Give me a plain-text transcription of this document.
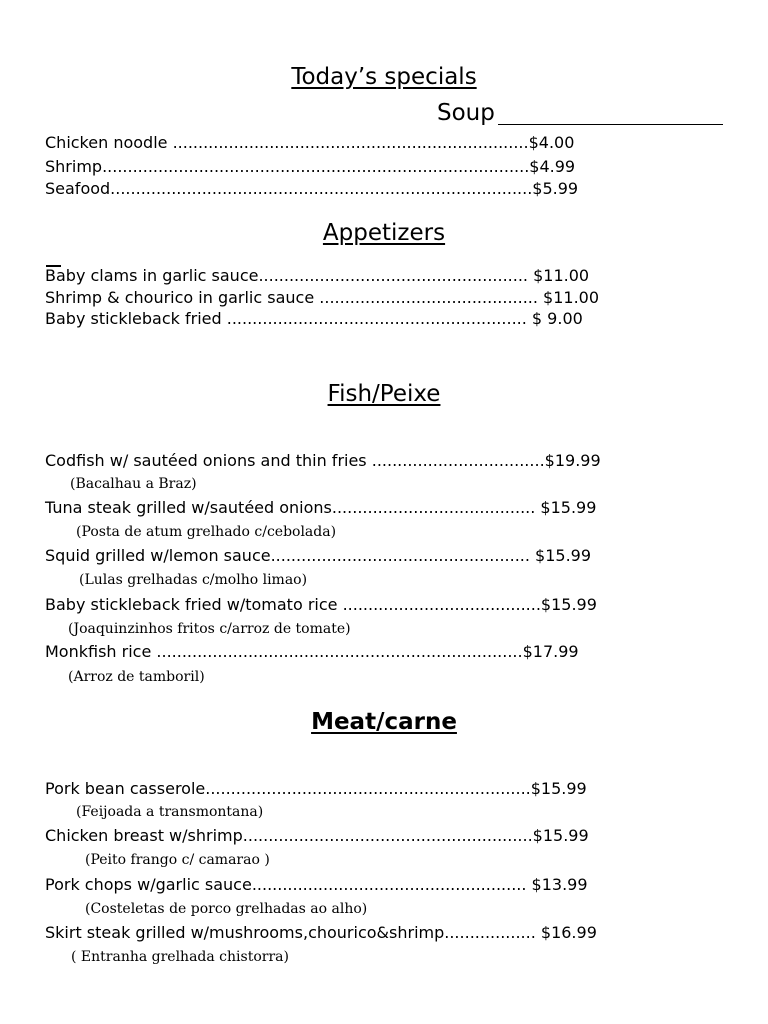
Today’s specials
Soup
Chicken noodle ......................................................................$4.00
Shrimp....................................................................................$4.99
Seafood...................................................................................$5.99
Appetizers
Baby clams in garlic sauce..................................................... $11.00
Shrimp & chourico in garlic sauce ........................................... $11.00
Baby stickleback fried ........................................................... $ 9.00
Fish/Peixe
Codfish w/ sautéed onions and thin fries ..................................$19.99
(Bacalhau a Braz)
Tuna steak grilled w/sautéed onions........................................ $15.99
(Posta de atum grelhado c/cebolada)
Squid grilled w/lemon sauce................................................... $15.99
(Lulas grelhadas c/molho limao)
Baby stickleback fried w/tomato rice .......................................$15.99
(Joaquinzinhos fritos c/arroz de tomate)
Monkfish rice ........................................................................$17.99
(Arroz de tamboril)
Meat/carne
Pork bean casserole................................................................$15.99
(Feijoada a transmontana)
Chicken breast w/shrimp.........................................................$15.99
(Peito frango c/ camarao )
Pork chops w/garlic sauce...................................................... $13.99
(Costeletas de porco grelhadas ao alho)
Skirt steak grilled w/mushrooms,chourico&shrimp.................. $16.99
( Entranha grelhada chistorra)
